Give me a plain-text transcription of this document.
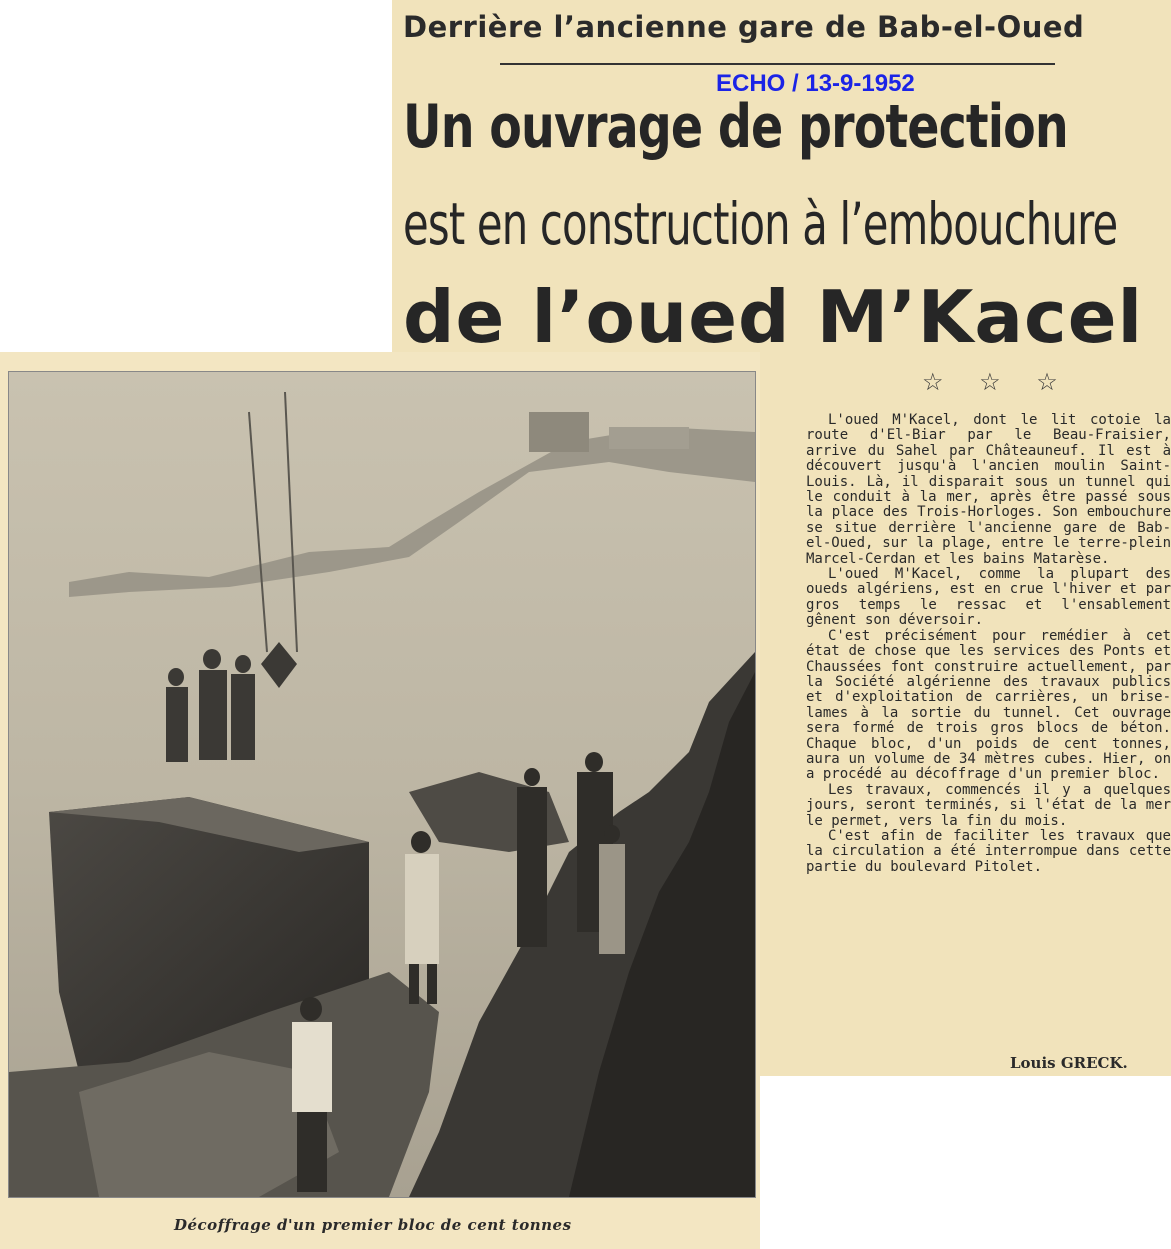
Derrière l’ancienne gare de Bab-el-Oued
ECHO / 13-9-1952
Un ouvrage de protection
est en construction à l’embouchure
de l’oued M’Kacel
☆ ☆ ☆

L'oued M'Kacel, dont le lit cotoie la route d'El-Biar par le Beau-Fraisier, arrive du Sahel par Châteauneuf. Il est à découvert jusqu'à l'ancien moulin Saint-Louis. Là, il disparait sous un tunnel qui le conduit à la mer, après être passé sous la place des Trois-Horloges. Son embouchure se situe derrière l'ancienne gare de Bab-el-Oued, sur la plage, entre le terre-plein Marcel-Cerdan et les bains Matarèse.

L'oued M'Kacel, comme la plupart des oueds algériens, est en crue l'hiver et par gros temps le ressac et l'ensablement gênent son déversoir.

C'est précisément pour remédier à cet état de chose que les services des Ponts et Chaussées font construire actuellement, par la Société algérienne des travaux publics et d'exploitation de carrières, un brise-lames à la sortie du tunnel. Cet ouvrage sera formé de trois gros blocs de béton. Chaque bloc, d'un poids de cent tonnes, aura un volume de 34 mètres cubes. Hier, on a procédé au décoffrage d'un premier bloc.

Les travaux, commencés il y a quelques jours, seront terminés, si l'état de la mer le permet, vers la fin du mois.

C'est afin de faciliter les travaux que la circulation a été interrompue dans cette partie du boulevard Pitolet.

Louis GRECK.
Décoffrage d'un premier bloc de cent tonnes
